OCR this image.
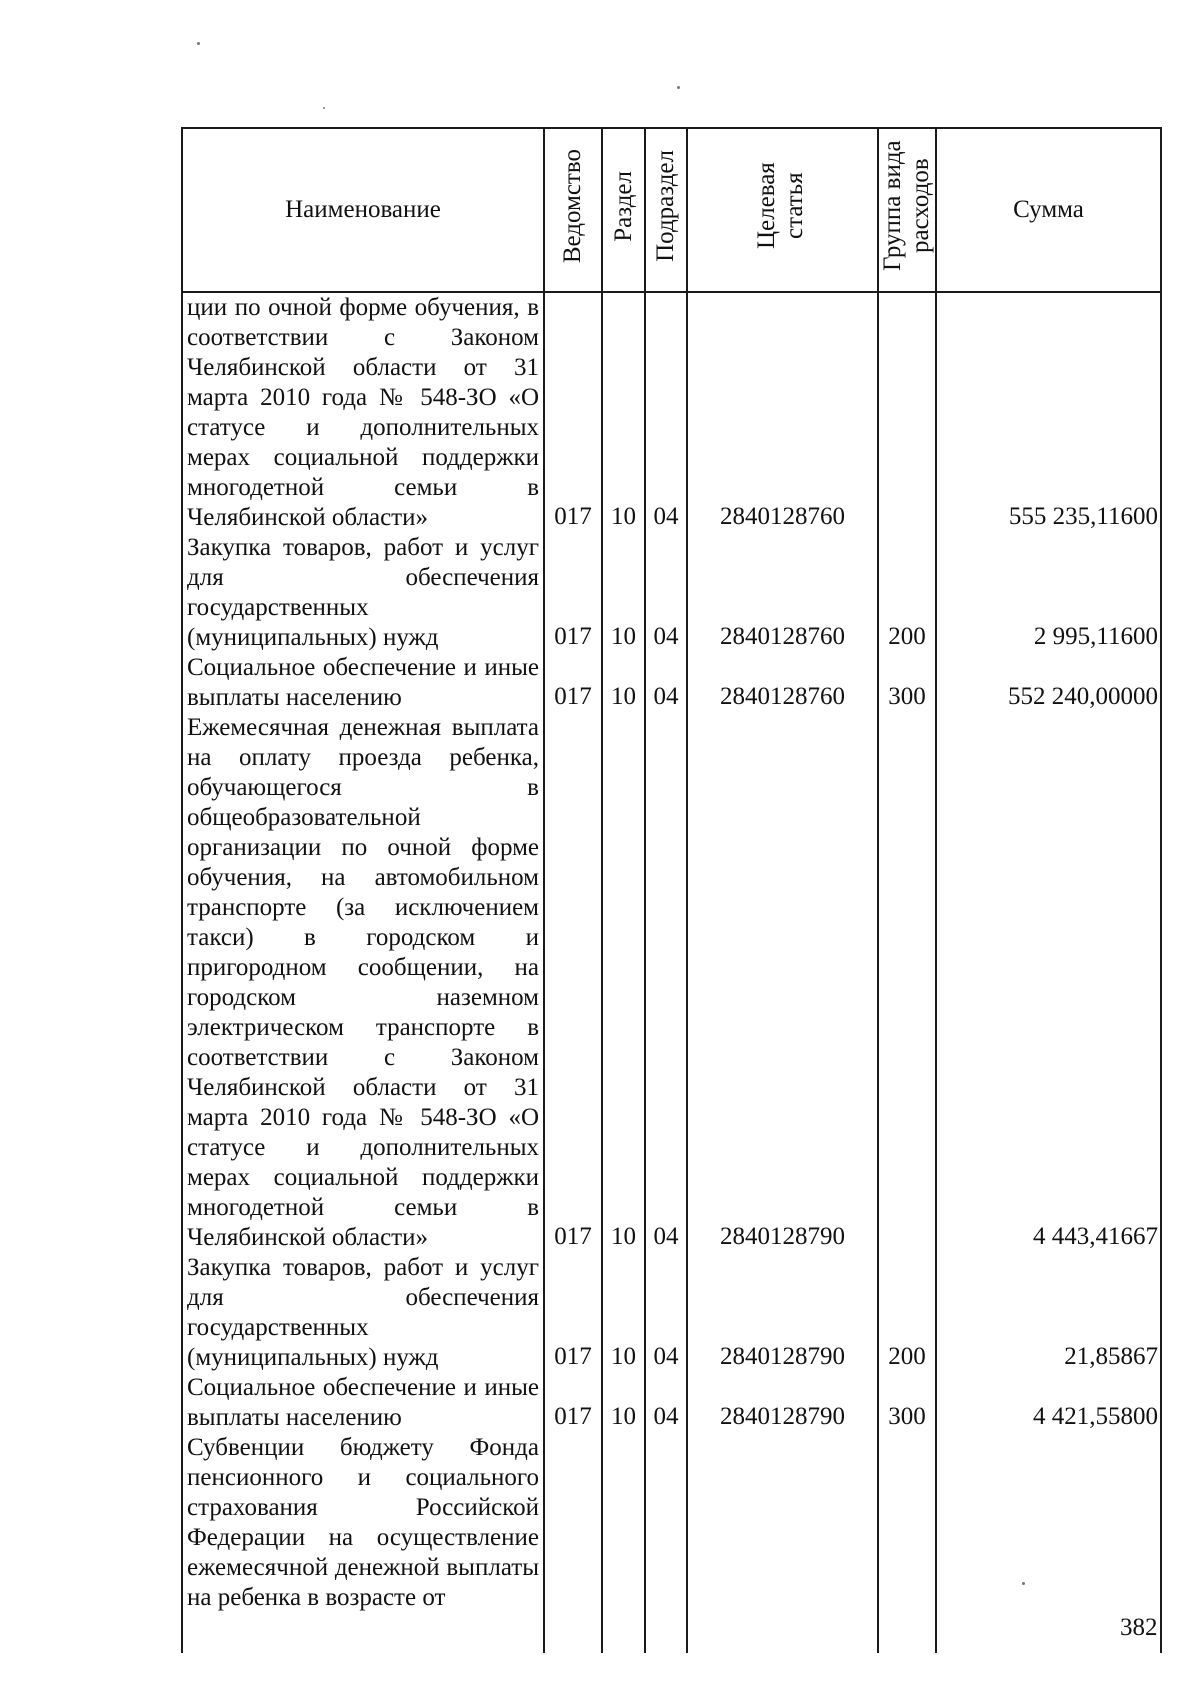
Наименование	Ведомство	Раздел	Подраздел	Целевая статья	Группа вида расходов	Сумма

ции по очной форме обучения, в соответствии с Законом Челябинской области от 31 марта 2010 года № 548-ЗО «О статусе и дополнительных мерах социальной поддержки многодетной семьи в Челябинской области»	017	10	04	2840128760		555 235,11600

Закупка товаров, работ и услуг для обеспечения государственных (муниципальных) нужд	017	10	04	2840128760	200	2 995,11600

Социальное обеспечение и иные выплаты населению	017	10	04	2840128760	300	552 240,00000

Ежемесячная денежная выплата на оплату проезда ребенка, обучающегося в общеобразовательной организации по очной форме обучения, на автомобильном транспорте (за исключением такси) в городском и пригородном сообщении, на городском наземном электрическом транспорте в соответствии с Законом Челябинской области от 31 марта 2010 года № 548-ЗО «О статусе и дополнительных мерах социальной поддержки многодетной семьи в Челябинской области»	017	10	04	2840128790		4 443,41667

Закупка товаров, работ и услуг для обеспечения государственных (муниципальных) нужд	017	10	04	2840128790	200	21,85867

Социальное обеспечение и иные выплаты населению	017	10	04	2840128790	300	4 421,55800

Субвенции бюджету Фонда пенсионного и социального страхования Российской Федерации на осуществление ежемесячной денежной выплаты на ребенка в возрасте от						

382
